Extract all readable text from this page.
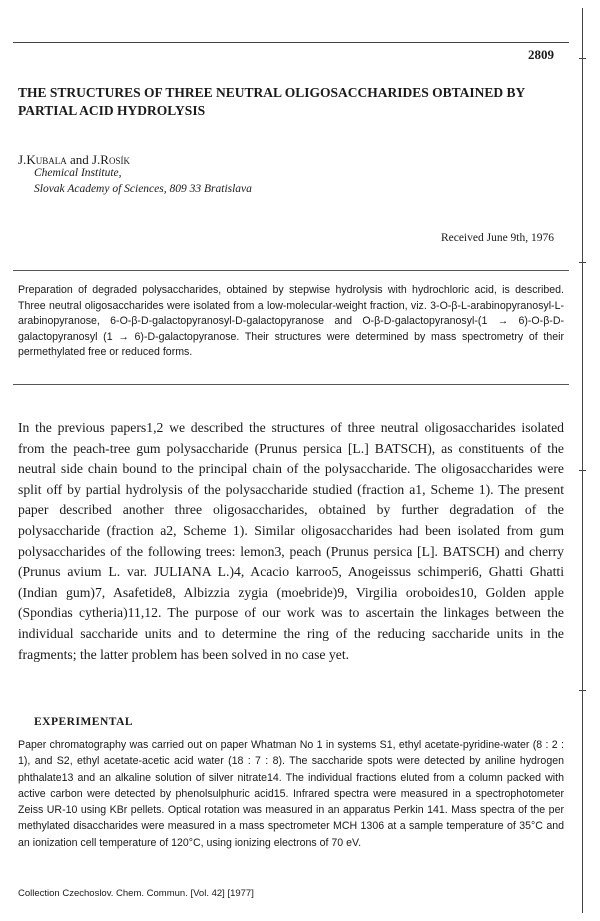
2809
THE STRUCTURES OF THREE NEUTRAL OLIGOSACCHARIDES OBTAINED BY PARTIAL ACID HYDROLYSIS
J.Kubala and J.Rosík
Chemical Institute,
Slovak Academy of Sciences, 809 33 Bratislava
Received June 9th, 1976

Preparation of degraded polysaccharides, obtained by stepwise hydrolysis with hydrochloric acid, is described. Three neutral oligosaccharides were isolated from a low-molecular-weight fraction, viz. 3-O-β-L-arabinopyranosyl-L-arabinopyranose, 6-O-β-D-galactopyranosyl-D-galactopyranose and O-β-D-galactopyranosyl-(1 → 6)-O-β-D-galactopyranosyl (1 → 6)-D-galactopyranose. Their structures were determined by mass spectrometry of their permethylated free or reduced forms.

In the previous papers1,2 we described the structures of three neutral oligosaccharides isolated from the peach-tree gum polysaccharide (Prunus persica [L.] BATSCH), as constituents of the neutral side chain bound to the principal chain of the polysaccharide. The oligosaccharides were split off by partial hydrolysis of the polysaccharide studied (fraction a1, Scheme 1). The present paper described another three oligosaccharides, obtained by further degradation of the polysaccharide (fraction a2, Scheme 1). Similar oligosaccharides had been isolated from gum polysaccharides of the following trees: lemon3, peach (Prunus persica [L]. BATSCH) and cherry (Prunus avium L. var. JULIANA L.)4, Acacio karroo5, Anogeissus schimperi6, Ghatti Ghatti (Indian gum)7, Asafetide8, Albizzia zygia (moebride)9, Virgilia oroboides10, Golden apple (Spondias cytheria)11,12. The purpose of our work was to ascertain the linkages between the individual saccharide units and to determine the ring of the reducing saccharide units in the fragments; the latter problem has been solved in no case yet.

EXPERIMENTAL

Paper chromatography was carried out on paper Whatman No 1 in systems S1, ethyl acetate-pyridine-water (8 : 2 : 1), and S2, ethyl acetate-acetic acid water (18 : 7 : 8). The saccharide spots were detected by aniline hydrogen phthalate13 and an alkaline solution of silver nitrate14. The individual fractions eluted from a column packed with active carbon were detected by phenolsulphuric acid15. Infrared spectra were measured in a spectrophotometer Zeiss UR-10 using KBr pellets. Optical rotation was measured in an apparatus Perkin 141. Mass spectra of the per methylated disaccharides were measured in a mass spectrometer MCH 1306 at a sample temperature of 35°C and an ionization cell temperature of 120°C, using ionizing electrons of 70 eV.

Collection Czechoslov. Chem. Commun. [Vol. 42] [1977]
